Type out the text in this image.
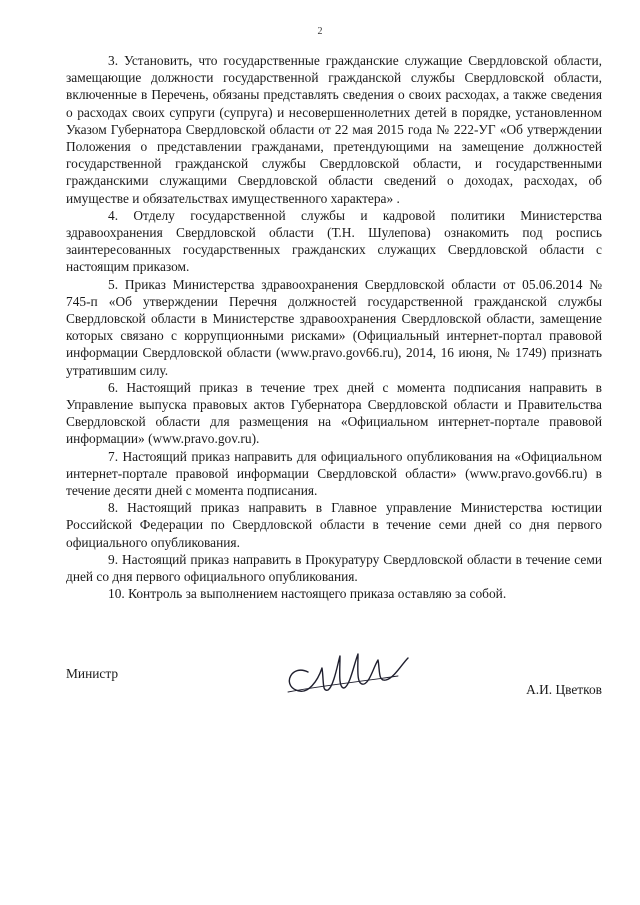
2

3. Установить, что государственные гражданские служащие Свердловской области, замещающие должности государственной гражданской службы Свердловской области, включенные в Перечень, обязаны представлять сведения о своих расходах, а также сведения о расходах своих супруги (супруга) и несовершеннолетних детей в порядке, установленном Указом Губернатора Свердловской области от 22 мая 2015 года № 222-УГ «Об утверждении Положения о представлении гражданами, претендующими на замещение должностей государственной гражданской службы Свердловской области, и государственными гражданскими служащими Свердловской области сведений о доходах, расходах, об имуществе и обязательствах имущественного характера» .

4. Отделу государственной службы и кадровой политики Министерства здравоохранения Свердловской области (Т.Н. Шулепова) ознакомить под роспись заинтересованных государственных гражданских служащих Свердловской области с настоящим приказом.

5. Приказ Министерства здравоохранения Свердловской области от 05.06.2014 № 745-п «Об утверждении Перечня должностей государственной гражданской службы Свердловской области в Министерстве здравоохранения Свердловской области, замещение которых связано с коррупционными рисками» (Официальный интернет-портал правовой информации Свердловской области (www.pravo.gov66.ru), 2014, 16 июня, № 1749) признать утратившим силу.

6. Настоящий приказ в течение трех дней с момента подписания направить в Управление выпуска правовых актов Губернатора Свердловской области и Правительства Свердловской области для размещения на «Официальном интернет-портале правовой информации» (www.pravo.gov.ru).

7. Настоящий приказ направить для официального опубликования на «Официальном интернет-портале правовой информации Свердловской области» (www.pravo.gov66.ru) в течение десяти дней с момента подписания.

8. Настоящий приказ направить в Главное управление Министерства юстиции Российской Федерации по Свердловской области в течение семи дней со дня первого официального опубликования.

9. Настоящий приказ направить в Прокуратуру Свердловской области в течение семи дней со дня первого официального опубликования.

10. Контроль за выполнением настоящего приказа оставляю за собой.

Министр
А.И. Цветков
